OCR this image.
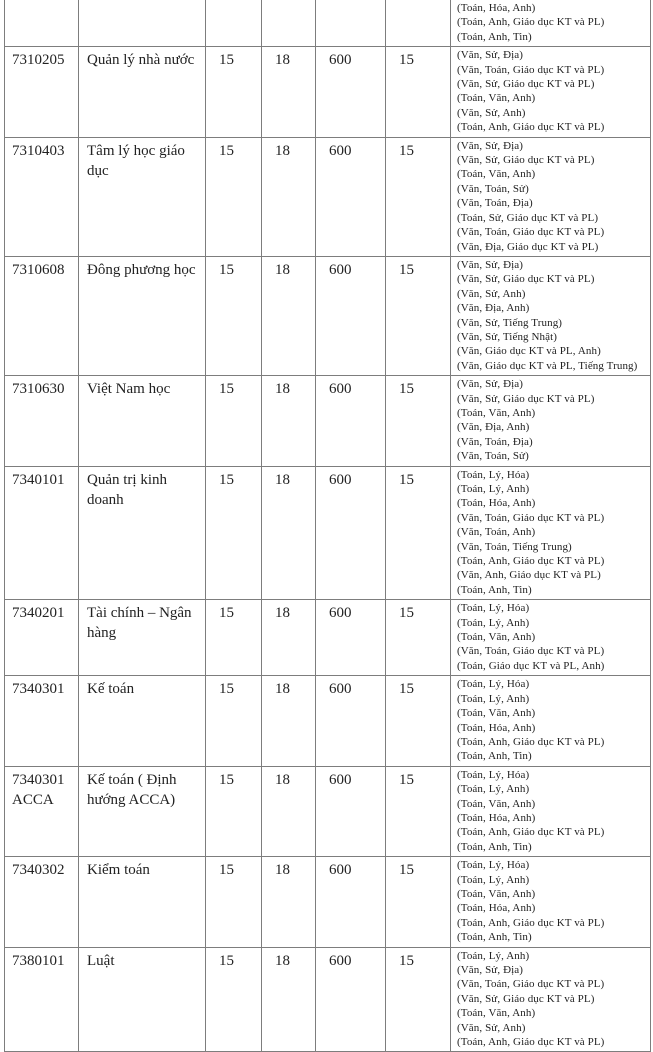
						(Toán, Hóa, Anh)
(Toán, Anh, Giáo dục KT và PL)
(Toán, Anh, Tin)

7310205	Quản lý nhà nước	15	18	600	15	(Văn, Sử, Địa)
(Văn, Toán, Giáo dục KT và PL)
(Văn, Sử, Giáo dục KT và PL)
(Toán, Văn, Anh)
(Văn, Sử, Anh)
(Toán, Anh, Giáo dục KT và PL)

7310403	Tâm lý học giáo dục	15	18	600	15	(Văn, Sử, Địa)
(Văn, Sử, Giáo dục KT và PL)
(Toán, Văn, Anh)
(Văn, Toán, Sử)
(Văn, Toán, Địa)
(Toán, Sử, Giáo dục KT và PL)
(Văn, Toán, Giáo dục KT và PL)
(Văn, Địa, Giáo dục KT và PL)

7310608	Đông phương học	15	18	600	15	(Văn, Sử, Địa)
(Văn, Sử, Giáo dục KT và PL)
(Văn, Sử, Anh)
(Văn, Địa, Anh)
(Văn, Sử, Tiếng Trung)
(Văn, Sử, Tiếng Nhật)
(Văn, Giáo dục KT và PL, Anh)
(Văn, Giáo dục KT và PL, Tiếng Trung)

7310630	Việt Nam học	15	18	600	15	(Văn, Sử, Địa)
(Văn, Sử, Giáo dục KT và PL)
(Toán, Văn, Anh)
(Văn, Địa, Anh)
(Văn, Toán, Địa)
(Văn, Toán, Sử)

7340101	Quản trị kinh doanh	15	18	600	15	(Toán, Lý, Hóa)
(Toán, Lý, Anh)
(Toán, Hóa, Anh)
(Văn, Toán, Giáo dục KT và PL)
(Văn, Toán, Anh)
(Văn, Toán, Tiếng Trung)
(Toán, Anh, Giáo dục KT và PL)
(Văn, Anh, Giáo dục KT và PL)
(Toán, Anh, Tin)

7340201	Tài chính – Ngân hàng	15	18	600	15	(Toán, Lý, Hóa)
(Toán, Lý, Anh)
(Toán, Văn, Anh)
(Văn, Toán, Giáo dục KT và PL)
(Toán, Giáo dục KT và PL, Anh)

7340301	Kế toán	15	18	600	15	(Toán, Lý, Hóa)
(Toán, Lý, Anh)
(Toán, Văn, Anh)
(Toán, Hóa, Anh)
(Toán, Anh, Giáo dục KT và PL)
(Toán, Anh, Tin)

7340301 ACCA	Kế toán ( Định hướng ACCA)	15	18	600	15	(Toán, Lý, Hóa)
(Toán, Lý, Anh)
(Toán, Văn, Anh)
(Toán, Hóa, Anh)
(Toán, Anh, Giáo dục KT và PL)
(Toán, Anh, Tin)

7340302	Kiểm toán	15	18	600	15	(Toán, Lý, Hóa)
(Toán, Lý, Anh)
(Toán, Văn, Anh)
(Toán, Hóa, Anh)
(Toán, Anh, Giáo dục KT và PL)
(Toán, Anh, Tin)

7380101	Luật	15	18	600	15	(Toán, Lý, Anh)
(Văn, Sử, Địa)
(Văn, Toán, Giáo dục KT và PL)
(Văn, Sử, Giáo dục KT và PL)
(Toán, Văn, Anh)
(Văn, Sử, Anh)
(Toán, Anh, Giáo dục KT và PL)
